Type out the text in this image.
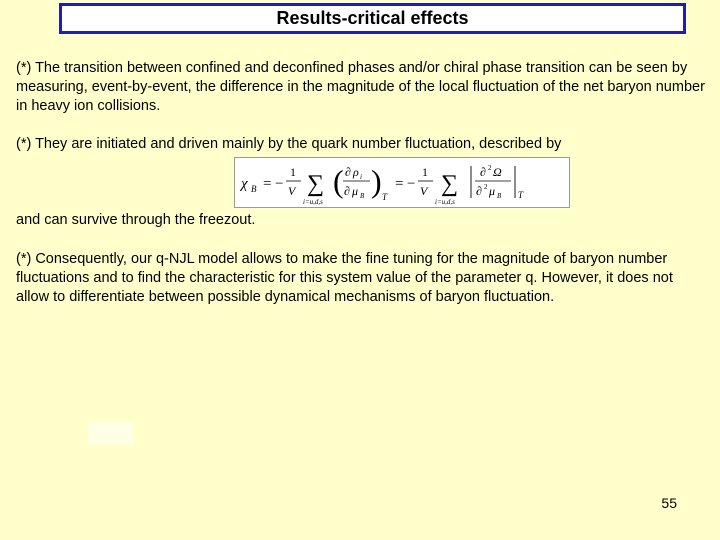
Results-critical effects

(*) The transition between confined and deconfined phases and/or chiral phase transition can be seen by measuring, event-by-event, the difference in the magnitude of the local fluctuation of the net baryon number in heavy ion collisions.

(*) They are initiated and driven mainly by the quark number fluctuation, described by

χ B = −
1
V ∑
i=u,d,s
( ∂ ρ i
∂ μ B ) T
= −
1
V ∑
i=u,d,s
∂ 2 Ω
∂ 2 μ B T

and can survive through the freezout.

(*) Consequently, our q-NJL model allows to make the fine tuning for the magnitude of baryon number fluctuations and to find the characteristic for this system value of the parameter q. However, it does not allow to differentiate between possible dynamical mechanisms of baryon fluctuation.

55
